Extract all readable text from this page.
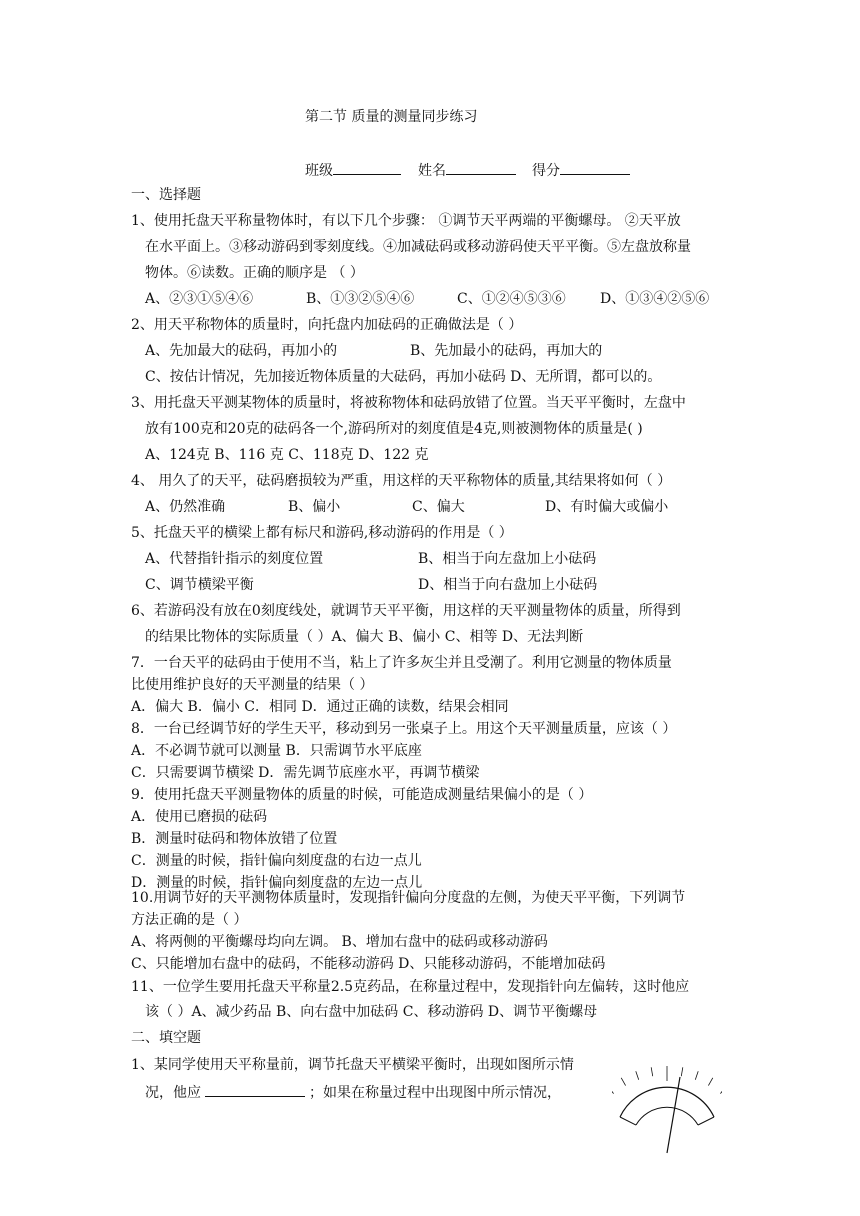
第二节 质量的测量同步练习
班级	姓名	得分
一、选择题
1、使用托盘天平称量物体时，有以下几个步骤： ①调节天平两端的平衡螺母。 ②天平放
在水平面上。③移动游码到零刻度线。④加减砝码或移动游码使天平平衡。⑤左盘放称量
物体。⑥读数。正确的顺序是 （ ）
A、②③①⑤④⑥	B、①③②⑤④⑥	C、①②④⑤③⑥ D、①③④②⑤⑥
2、用天平称物体的质量时，向托盘内加砝码的正确做法是（ ）
A、先加最大的砝码，再加小的	B、先加最小的砝码，再加大的
C、按估计情况，先加接近物体质量的大砝码，再加小砝码 D、无所谓，都可以的。
3、用托盘天平测某物体的质量时，将被称物体和砝码放错了位置。当天平平衡时，左盘中
放有100克和20克的砝码各一个,游码所对的刻度值是4克,则被测物体的质量是( )
A、124克 B、116 克 C、118克 D、122 克
4、 用久了的天平，砝码磨损较为严重，用这样的天平称物体的质量,其结果将如何（ ）
A、仍然准确	B、偏小	C、偏大	D、有时偏大或偏小
5、托盘天平的横梁上都有标尺和游码,移动游码的作用是（ ）
A、代替指针指示的刻度位置	B、相当于向左盘加上小砝码
C、调节横梁平衡	D、相当于向右盘加上小砝码
6、若游码没有放在0刻度线处，就调节天平平衡，用这样的天平测量物体的质量，所得到
的结果比物体的实际质量（ ）A、偏大 B、偏小 C、相等 D、无法判断
7．一台天平的砝码由于使用不当，粘上了许多灰尘并且受潮了。利用它测量的物体质量
比使用维护良好的天平测量的结果（ ）
A．偏大 B．偏小 C．相同 D．通过正确的读数，结果会相同
8．一台已经调节好的学生天平，移动到另一张桌子上。用这个天平测量质量，应该（ ）
A．不必调节就可以测量 B．只需调节水平底座
C．只需要调节横梁 D．需先调节底座水平，再调节横梁
9．使用托盘天平测量物体的质量的时候，可能造成测量结果偏小的是（ ）
A．使用已磨损的砝码
B．测量时砝码和物体放错了位置
C．测量的时候，指针偏向刻度盘的右边一点儿
D．测量的时候，指针偏向刻度盘的左边一点儿
10.用调节好的天平测物体质量时，发现指针偏向分度盘的左侧，为使天平平衡，下列调节
方法正确的是（ ）
A、将两侧的平衡螺母均向左调。 B、增加右盘中的砝码或移动游码
C、只能增加右盘中的砝码，不能移动游码 D、只能移动游码，不能增加砝码
11、一位学生要用托盘天平称量2.5克药品，在称量过程中，发现指针向左偏转，这时他应
该（ ）A、减少药品 B、向右盘中加砝码 C、移动游码 D、调节平衡螺母
二、填空题
1、某同学使用天平称量前，调节托盘天平横梁平衡时，出现如图所示情
况，他应	；如果在称量过程中出现图中所示情况，
